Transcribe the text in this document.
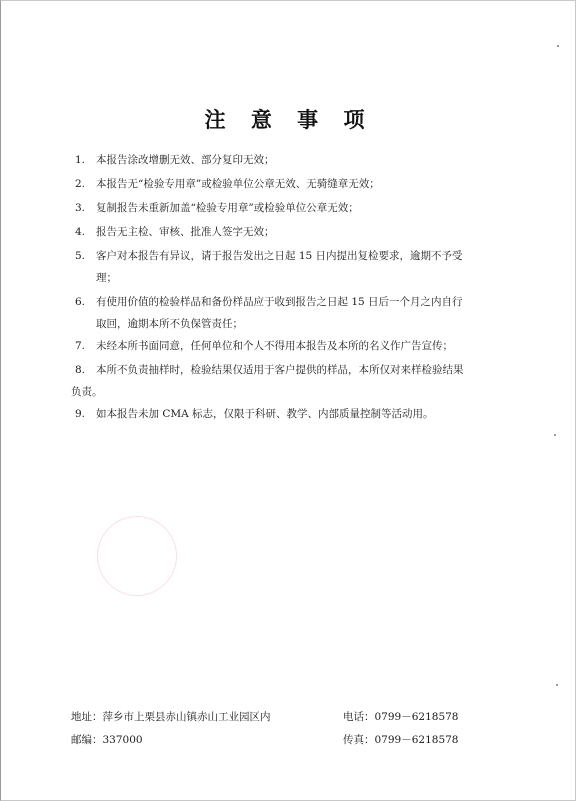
注 意 事 项
1.	本报告涂改增删无效、部分复印无效；
2.	本报告无“检验专用章”或检验单位公章无效、无骑缝章无效；
3.	复制报告未重新加盖“检验专用章”或检验单位公章无效；
4.	报告无主检、审核、批准人签字无效；
5.	客户对本报告有异议，请于报告发出之日起 15 日内提出复检要求，逾期不予受
理；
6.	有使用价值的检验样品和备份样品应于收到报告之日起 15 日后一个月之内自行
取回，逾期本所不负保管责任；
7.	未经本所书面同意，任何单位和个人不得用本报告及本所的名义作广告宣传；
8.	本所不负责抽样时，检验结果仅适用于客户提供的样品，本所仅对来样检验结果
负责。
9.	如本报告未加 CMA 标志，仅限于科研、教学、内部质量控制等活动用。
地址：萍乡市上栗县赤山镇赤山工业园区内	电话：0799－6218578
邮编：337000	传真：0799－6218578
